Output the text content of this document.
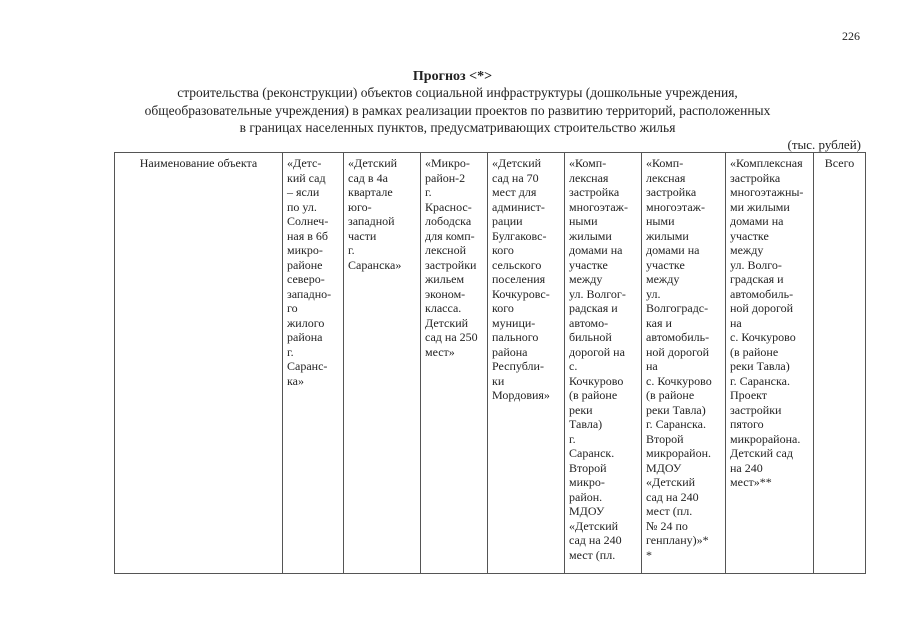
226
Прогноз <*>
строительства (реконструкции) объектов социальной инфраструктуры (дошкольные учреждения,
общеобразовательные учреждения) в рамках реализации проектов по развитию территорий, расположенных
в границах населенных пунктов, предусматривающих строительство жилья
(тыс. рублей)
Наименование объекта	«Детс-
кий сад
– ясли
по ул.
Солнеч-
ная в 6б
микро-
районе
северо-
западно-
го
жилого
района
г.
Саранс-
ка»	«Детский
сад в 4а
квартале
юго-
западной
части
г.
Саранска»	«Микро-
район-2
г.
Краснос-
лободска
для комп-
лексной
застройки
жильем
эконом-
класса.
Детский
сад на 250
мест»	«Детский
сад на 70
мест для
админист-
рации
Булгаковс-
кого
сельского
поселения
Кочкуровс-
кого
муници-
пального
района
Республи-
ки
Мордовия»	«Комп-
лексная
застройка
многоэтаж-
ными
жилыми
домами на
участке
между
ул. Волгог-
радская и
автомо-
бильной
дорогой на
с.
Кочкурово
(в районе
реки
Тавла)
г.
Саранск.
Второй
микро-
район.
МДОУ
«Детский
сад на 240
мест (пл.	«Комп-
лексная
застройка
многоэтаж-
ными
жилыми
домами на
участке
между
ул.
Волгоградс-
кая и
автомобиль-
ной дорогой
на
с. Кочкурово
(в районе
реки Тавла)
г. Саранска.
Второй
микрорайон.
МДОУ
«Детский
сад на 240
мест (пл.
№ 24 по
генплану)»*
*	«Комплексная
застройка
многоэтажны-
ми жилыми
домами на
участке
между
ул. Волго-
градская и
автомобиль-
ной дорогой
на
с. Кочкурово
(в районе
реки Тавла)
г. Саранска.
Проект
застройки
пятого
микрорайона.
Детский сад
на 240
мест»**	Всего
